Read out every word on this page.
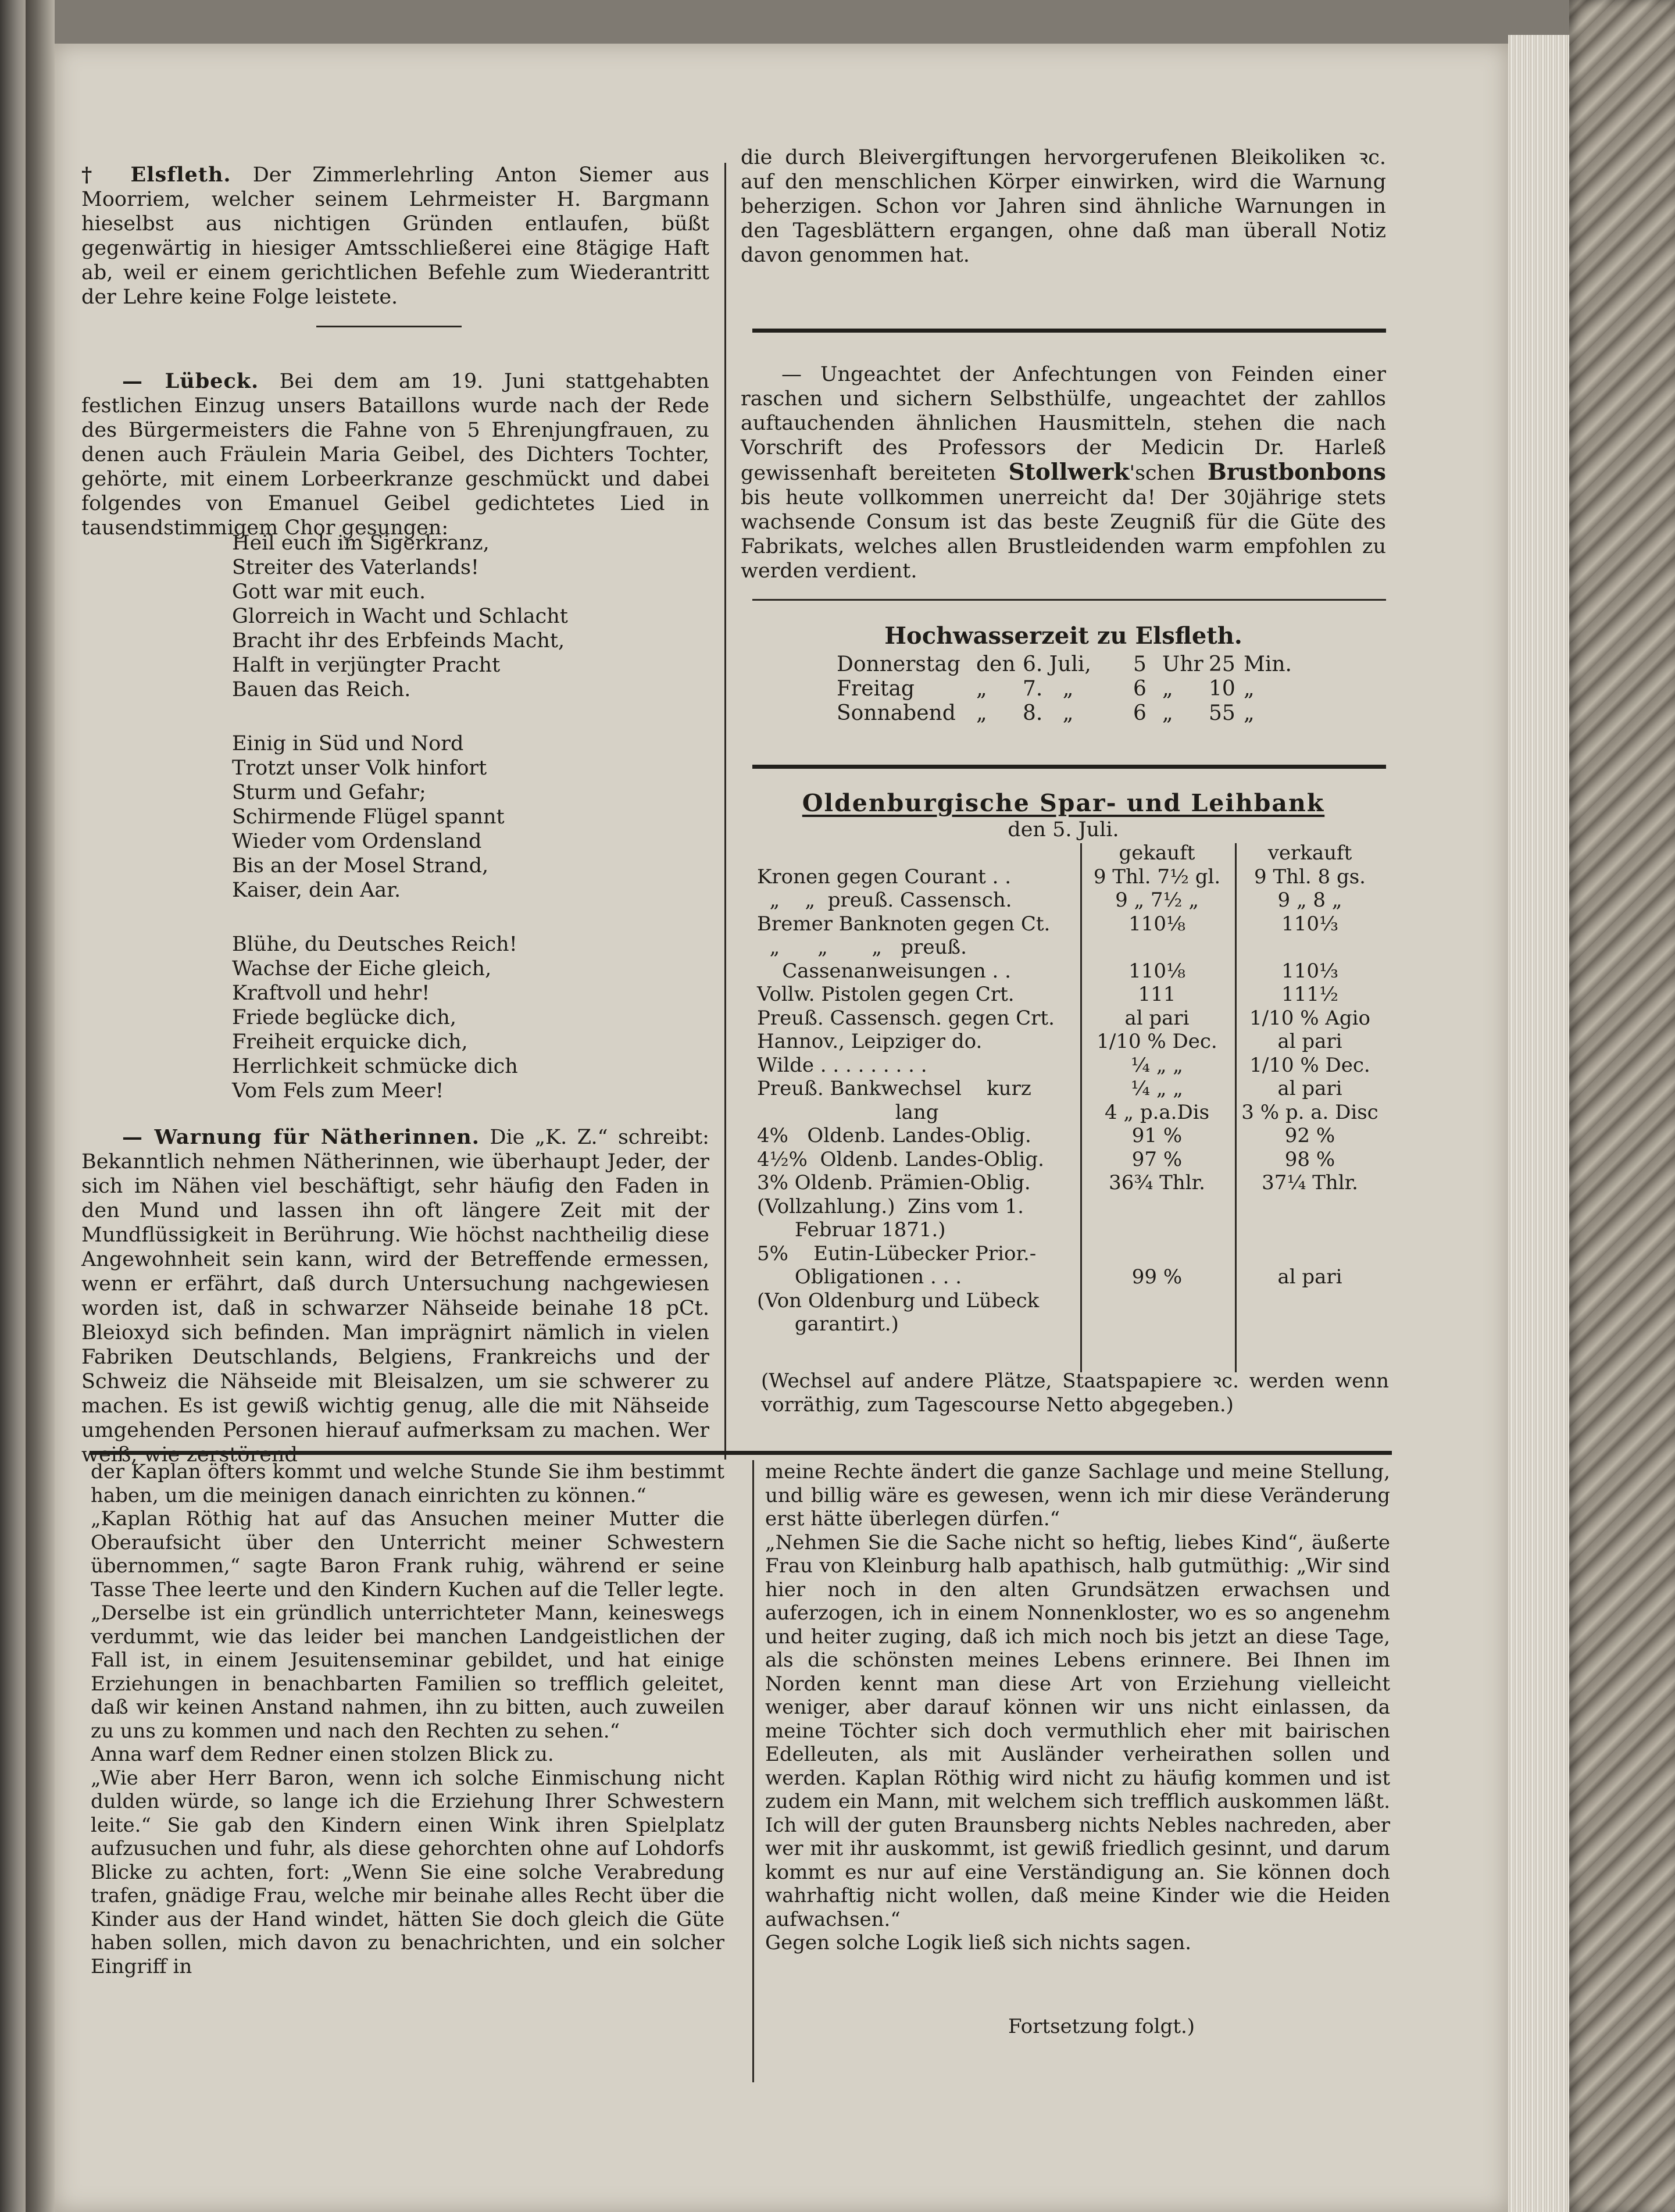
† Elsfleth. Der Zimmerlehrling Anton Siemer aus Moorriem, welcher seinem Lehrmeister H. Bargmann hieselbst aus nichtigen Gründen entlaufen, büßt gegenwärtig in hiesiger Amtsschließerei eine 8tägige Haft ab, weil er einem gerichtlichen Befehle zum Wiederantritt der Lehre keine Folge leistete.

— Lübeck. Bei dem am 19. Juni stattgehabten festlichen Einzug unsers Bataillons wurde nach der Rede des Bürgermeisters die Fahne von 5 Ehrenjungfrauen, zu denen auch Fräulein Maria Geibel, des Dichters Tochter, gehörte, mit einem Lorbeerkranze geschmückt und dabei folgendes von Emanuel Geibel gedichtetes Lied in tausendstimmigem Chor gesungen:

Heil euch im Sigerkranz,
Streiter des Vaterlands!
Gott war mit euch.
Glorreich in Wacht und Schlacht
Bracht ihr des Erbfeinds Macht,
Halft in verjüngter Pracht
Bauen das Reich.
Einig in Süd und Nord
Trotzt unser Volk hinfort
Sturm und Gefahr;
Schirmende Flügel spannt
Wieder vom Ordensland
Bis an der Mosel Strand,
Kaiser, dein Aar.
Blühe, du Deutsches Reich!
Wachse der Eiche gleich,
Kraftvoll und hehr!
Friede beglücke dich,
Freiheit erquicke dich,
Herrlichkeit schmücke dich
Vom Fels zum Meer!

— Warnung für Nätherinnen. Die „K. Z.“ schreibt: Bekanntlich nehmen Nätherinnen, wie überhaupt Jeder, der sich im Nähen viel beschäftigt, sehr häufig den Faden in den Mund und lassen ihn oft längere Zeit mit der Mundflüssigkeit in Berührung. Wie höchst nachtheilig diese Angewohnheit sein kann, wird der Betreffende ermessen, wenn er erfährt, daß durch Untersuchung nachgewiesen worden ist, daß in schwarzer Nähseide beinahe 18 pCt. Bleioxyd sich befinden. Man imprägnirt nämlich in vielen Fabriken Deutschlands, Belgiens, Frankreichs und der Schweiz die Nähseide mit Bleisalzen, um sie schwerer zu machen. Es ist gewiß wichtig genug, alle die mit Nähseide umgehenden Personen hierauf aufmerksam zu machen. Wer weiß, wie zerstörend

die durch Bleivergiftungen hervorgerufenen Bleikoliken ꝛc. auf den menschlichen Körper einwirken, wird die Warnung beherzigen. Schon vor Jahren sind ähnliche Warnungen in den Tagesblättern ergangen, ohne daß man überall Notiz davon genommen hat.

— Ungeachtet der Anfechtungen von Feinden einer raschen und sichern Selbsthülfe, ungeachtet der zahllos auftauchenden ähnlichen Hausmitteln, stehen die nach Vorschrift des Professors der Medicin Dr. Harleß gewissenhaft bereiteten Stollwerk'schen Brustbonbons bis heute vollkommen unerreicht da! Der 30jährige stets wachsende Consum ist das beste Zeugniß für die Güte des Fabrikats, welches allen Brustleidenden warm empfohlen zu werden verdient.

Hochwasserzeit zu Elsfleth.
Donnerstag	den	6. Juli,	5	Uhr	25	Min.
Freitag	„	7. „	6	„	10	„
Sonnabend	„	8. „	6	„	55	„
Oldenburgische Spar- und Leihbank
den 5. Juli.
	gekauft	verkauft
Kronen gegen Courant . .	9 Thl. 7½ gl.	9 Thl. 8 gs.
„    „  preuß. Cassensch.	9 „ 7½ „	9 „ 8 „
Bremer Banknoten gegen Ct.	110⅛	110⅓
„      „       „   preuß.		
Cassenanweisungen . .	110⅛	110⅓
Vollw. Pistolen gegen Crt.	111	111½
Preuß. Cassensch. gegen Crt.	al pari	1/10 % Agio
Hannov., Leipziger do.	1/10 % Dec.	al pari
Wilde . . . . . . . . .	¼ „ „	1/10 % Dec.
Preuß. Bankwechsel    kurz	¼ „ „	al pari
lang	4 „ p.a.Dis	3 % p. a. Disc
4%   Oldenb. Landes-Oblig.	91 %	92 %
4½%  Oldenb. Landes-Oblig.	97 %	98 %
3% Oldenb. Prämien-Oblig.	36¾ Thlr.	37¼ Thlr.
(Vollzahlung.)  Zins vom 1.		
Februar 1871.)		
5%    Eutin-Lübecker Prior.-		
Obligationen . . .	99 %	al pari
(Von Oldenburg und Lübeck		
garantirt.)		

(Wechsel auf andere Plätze, Staatspapiere ꝛc. werden wenn vorräthig, zum Tagescourse Netto abgegeben.)

der Kaplan öfters kommt und welche Stunde Sie ihm bestimmt haben, um die meinigen danach einrichten zu können.“
„Kaplan Röthig hat auf das Ansuchen meiner Mutter die Oberaufsicht über den Unterricht meiner Schwestern übernommen,“ sagte Baron Frank ruhig, während er seine Tasse Thee leerte und den Kindern Kuchen auf die Teller legte. „Derselbe ist ein gründlich unterrichteter Mann, keineswegs verdummt, wie das leider bei manchen Landgeistlichen der Fall ist, in einem Jesuitenseminar gebildet, und hat einige Erziehungen in benachbarten Familien so trefflich geleitet, daß wir keinen Anstand nahmen, ihn zu bitten, auch zuweilen zu uns zu kommen und nach den Rechten zu sehen.“
Anna warf dem Redner einen stolzen Blick zu.
„Wie aber Herr Baron, wenn ich solche Einmischung nicht dulden würde, so lange ich die Erziehung Ihrer Schwestern leite.“ Sie gab den Kindern einen Wink ihren Spielplatz aufzusuchen und fuhr, als diese gehorchten ohne auf Lohdorfs Blicke zu achten, fort: „Wenn Sie eine solche Verabredung trafen, gnädige Frau, welche mir beinahe alles Recht über die Kinder aus der Hand windet, hätten Sie doch gleich die Güte haben sollen, mich davon zu benachrichten, und ein solcher Eingriff in
meine Rechte ändert die ganze Sachlage und meine Stellung, und billig wäre es gewesen, wenn ich mir diese Veränderung erst hätte überlegen dürfen.“
„Nehmen Sie die Sache nicht so heftig, liebes Kind“, äußerte Frau von Kleinburg halb apathisch, halb gutmüthig: „Wir sind hier noch in den alten Grundsätzen erwachsen und auferzogen, ich in einem Nonnenkloster, wo es so angenehm und heiter zuging, daß ich mich noch bis jetzt an diese Tage, als die schönsten meines Lebens erinnere. Bei Ihnen im Norden kennt man diese Art von Erziehung vielleicht weniger, aber darauf können wir uns nicht einlassen, da meine Töchter sich doch vermuthlich eher mit bairischen Edelleuten, als mit Ausländer verheirathen sollen und werden. Kaplan Röthig wird nicht zu häufig kommen und ist zudem ein Mann, mit welchem sich trefflich auskommen läßt. Ich will der guten Braunsberg nichts Nebles nachreden, aber wer mit ihr auskommt, ist gewiß friedlich gesinnt, und darum kommt es nur auf eine Verständigung an. Sie können doch wahrhaftig nicht wollen, daß meine Kinder wie die Heiden aufwachsen.“
Gegen solche Logik ließ sich nichts sagen.
Fortsetzung folgt.)
